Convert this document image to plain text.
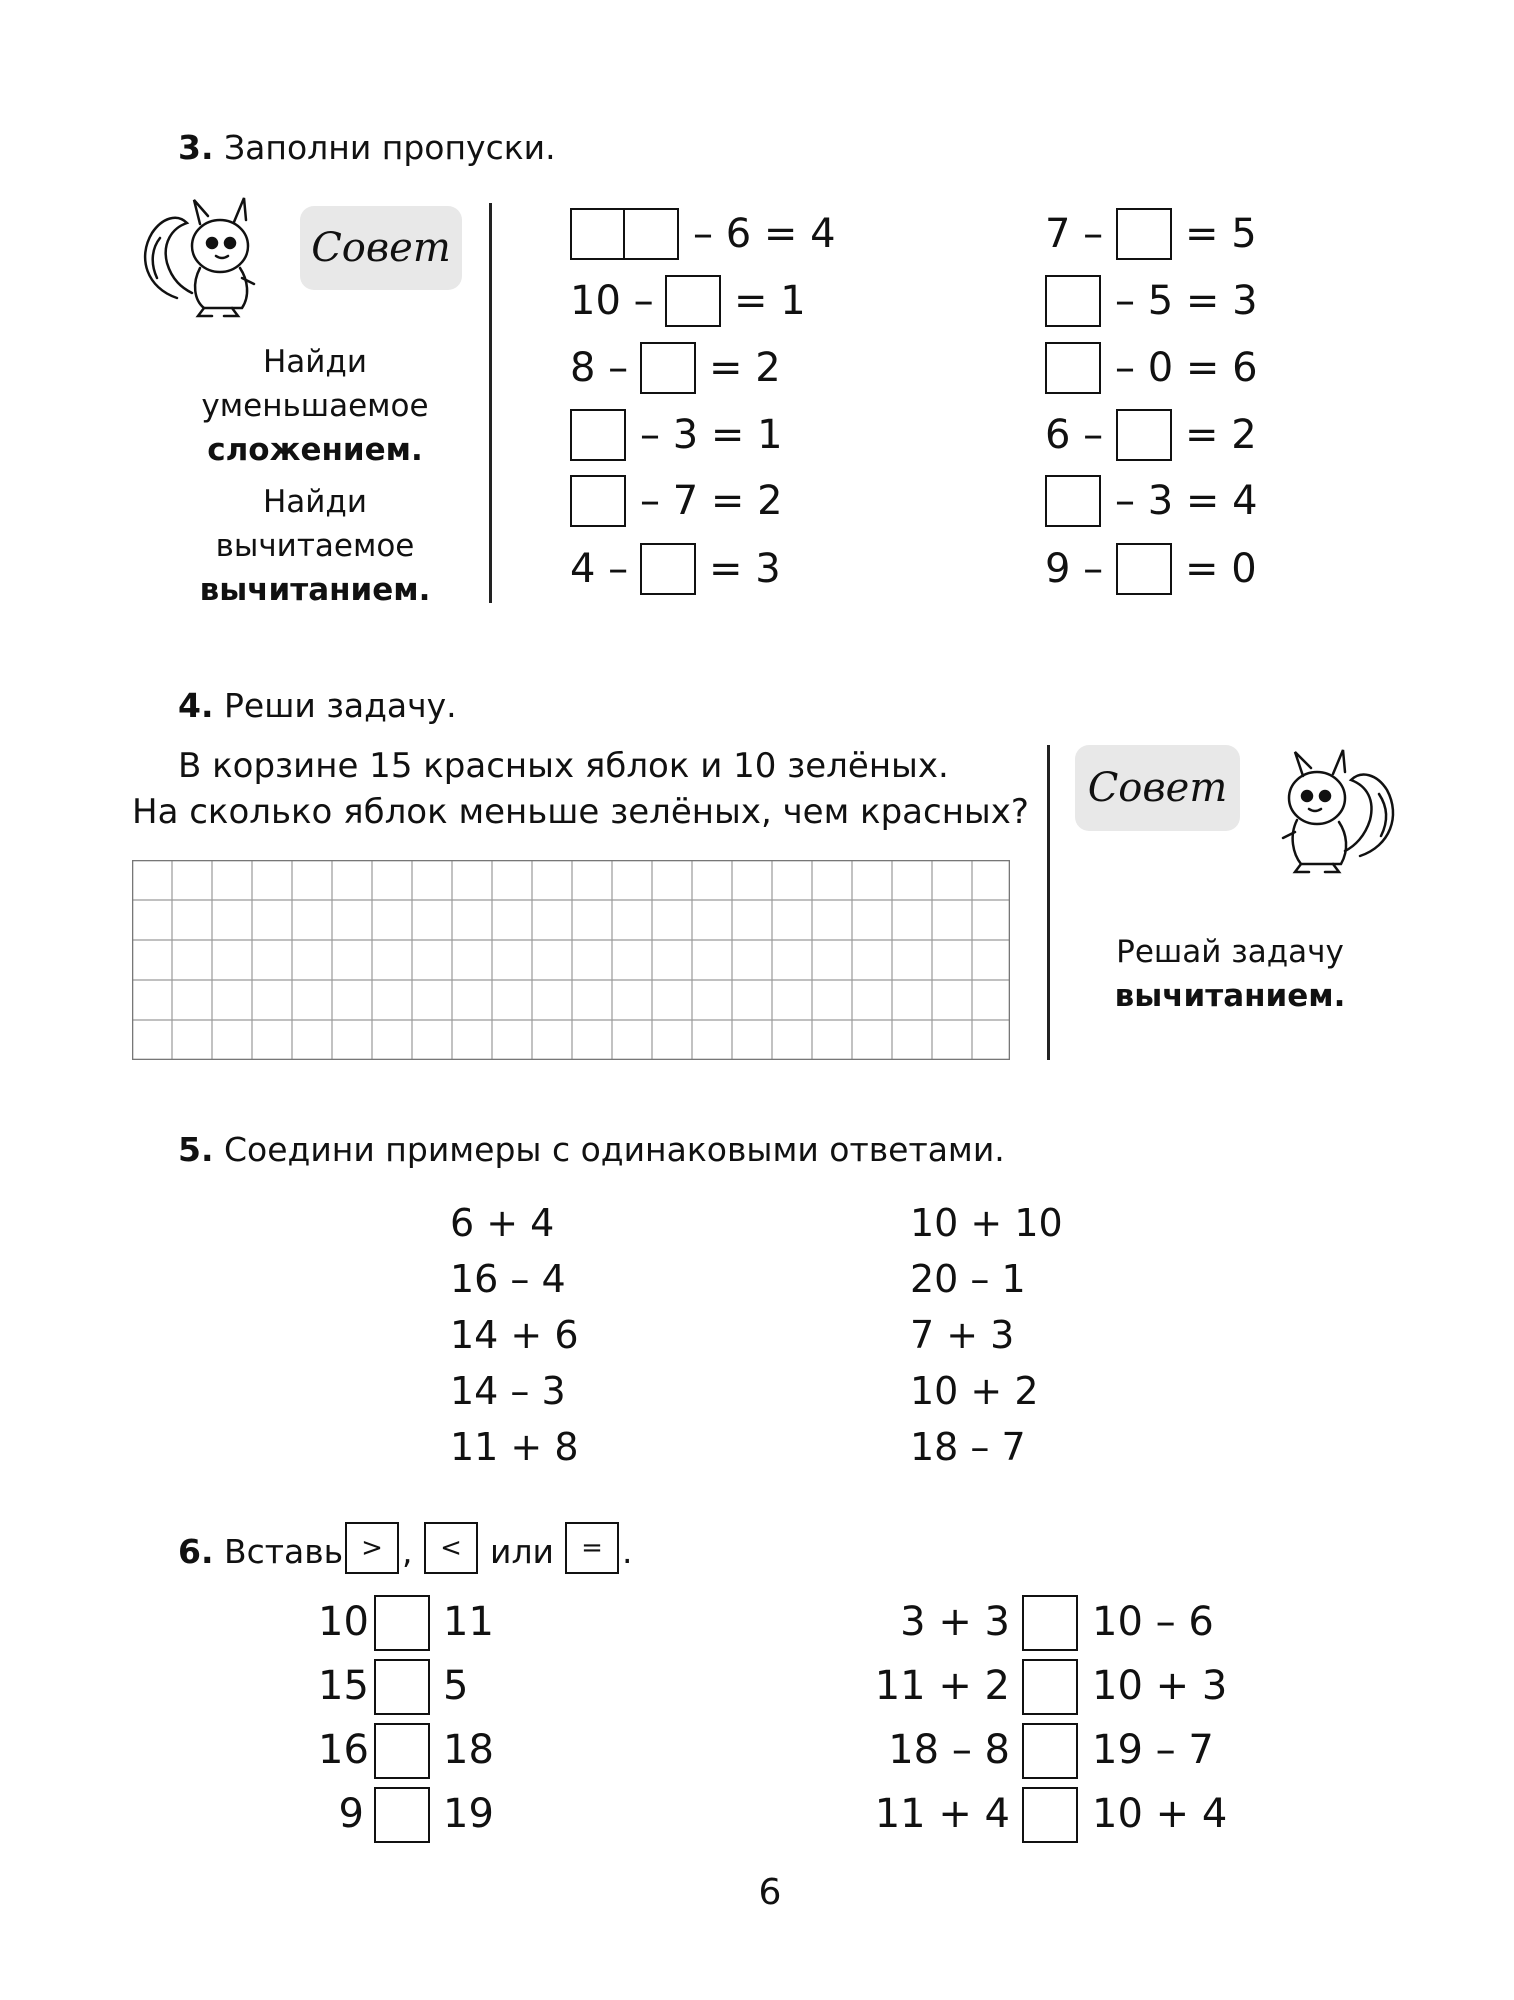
3. Заполни пропуски.
Совет
Найди
уменьшаемое
сложением.
Найди
вычитаемое
вычитанием.
– 6 = 4
10 – = 1
8 – = 2
– 3 = 1
– 7 = 2
4 – = 3
7 – = 5
– 5 = 3
– 0 = 6
6 – = 2
– 3 = 4
9 – = 0
4. Реши задачу.
В корзине 15 красных яблок и 10 зелёных.
На сколько яблок меньше зелёных, чем красных?
Совет
Решай задачу
вычитанием.
5. Соедини примеры с одинаковыми ответами.
6 + 4
16 – 4
14 + 6
14 – 3
11 + 8
10 + 10
20 – 1
7 + 3
10 + 2
18 – 7
6. Вставь > ,	< или	= .
10 11
15 5
16 18
9 19
3 + 3 10 – 6
11 + 2 10 + 3
18 – 8 19 – 7
11 + 4 10 + 4
6
